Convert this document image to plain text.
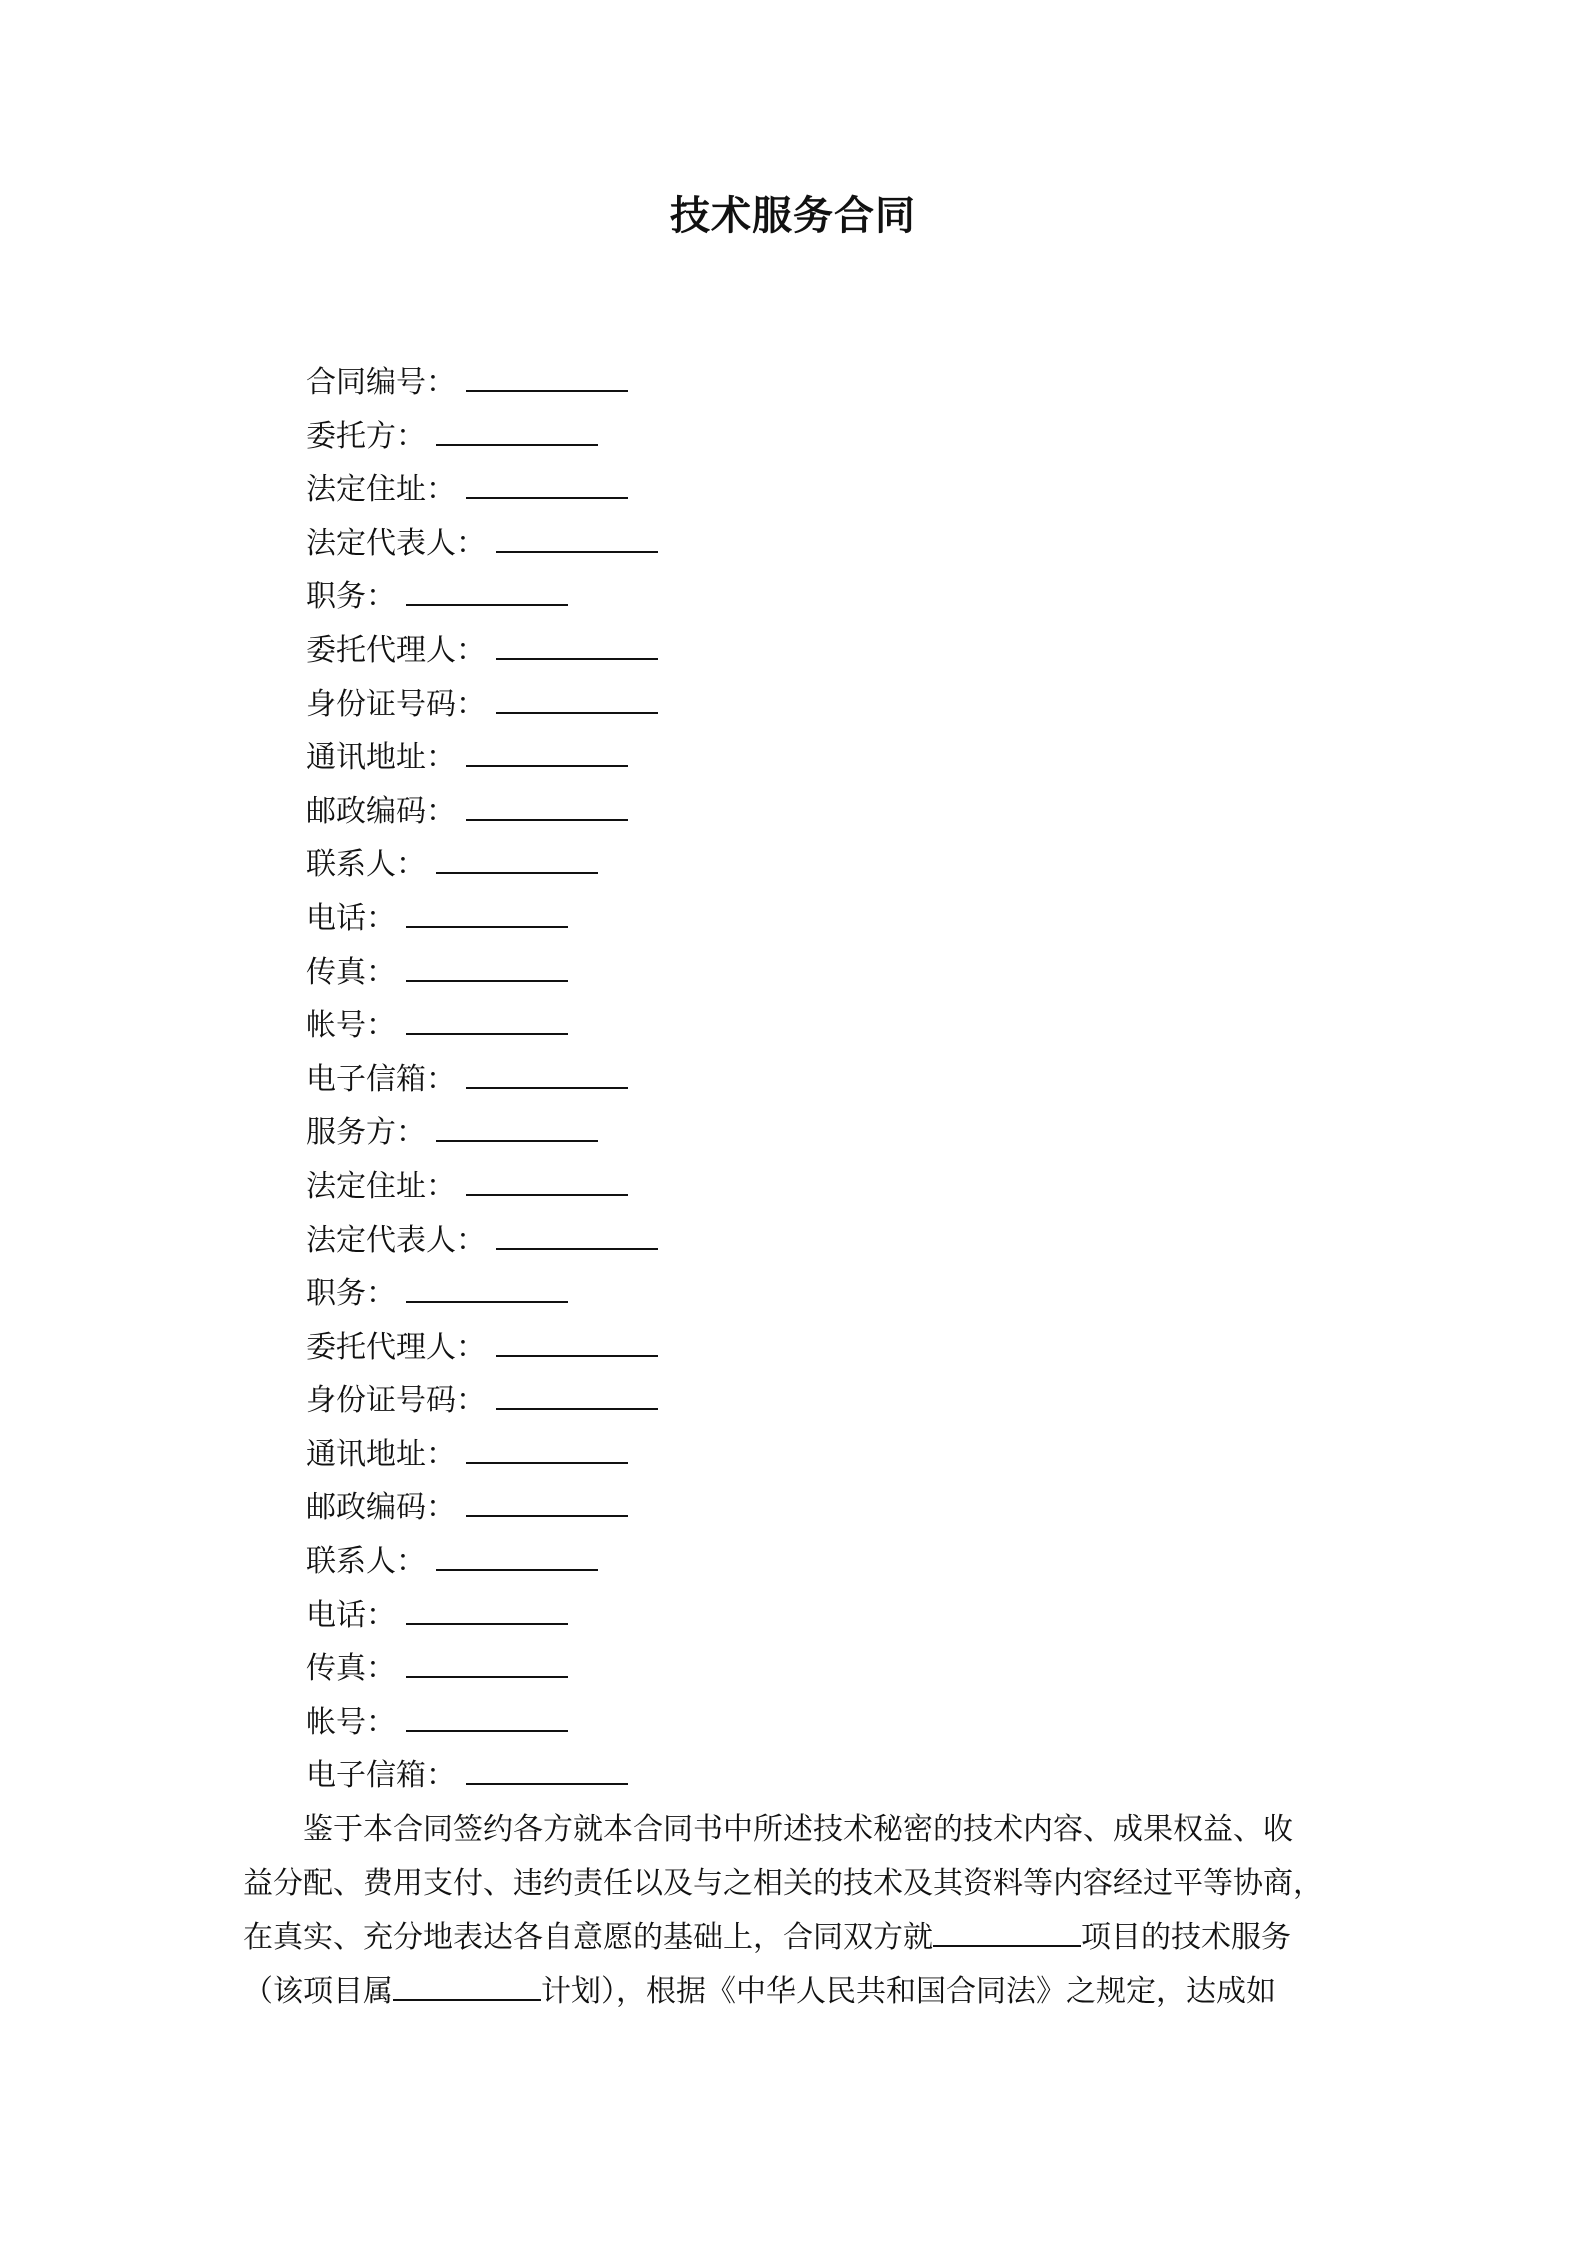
技术服务合同
合同编号：
委托方：
法定住址：
法定代表人：
职务：
委托代理人：
身份证号码：
通讯地址：
邮政编码：
联系人：
电话：
传真：
帐号：
电子信箱：
服务方：
法定住址：
法定代表人：
职务：
委托代理人：
身份证号码：
通讯地址：
邮政编码：
联系人：
电话：
传真：
帐号：
电子信箱：
　　鉴于本合同签约各方就本合同书中所述技术秘密的技术内容、成果权益、收
益分配、费用支付、违约责任以及与之相关的技术及其资料等内容经过平等协商，
在真实、充分地表达各自意愿的基础上，合同双方就	项目的技术服务
（该项目属	计划），根据《中华人民共和国合同法》之规定，达成如
